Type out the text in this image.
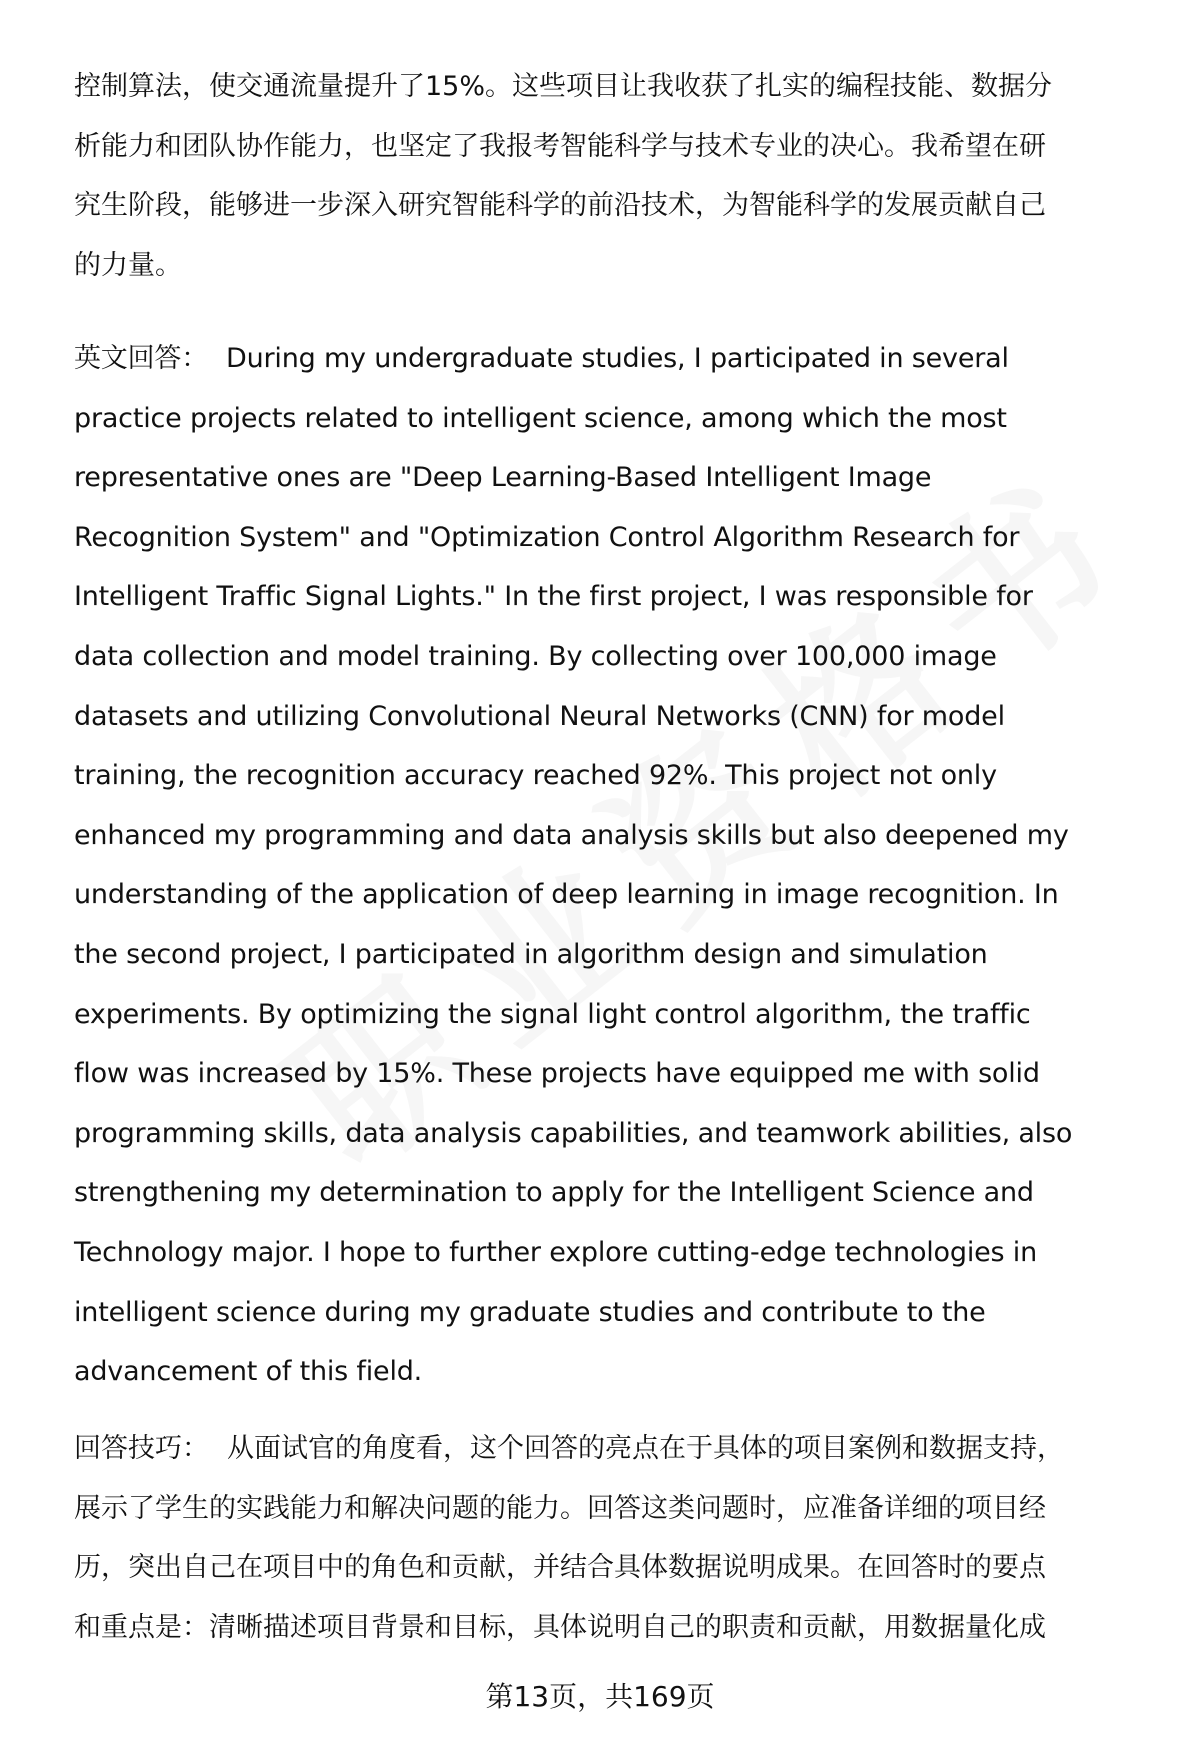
控制算法，使交通流量提升了15%。这些项目让我收获了扎实的编程技能、数据分
析能力和团队协作能力，也坚定了我报考智能科学与技术专业的决心。我希望在研
究生阶段，能够进一步深入研究智能科学的前沿技术，为智能科学的发展贡献自己
的力量。
英文回答： During my undergraduate studies, I participated in several
practice projects related to intelligent science, among which the most
representative ones are "Deep Learning-Based Intelligent Image
Recognition System" and "Optimization Control Algorithm Research for
Intelligent Traffic Signal Lights." In the first project, I was responsible for
data collection and model training. By collecting over 100,000 image
datasets and utilizing Convolutional Neural Networks (CNN) for model
training, the recognition accuracy reached 92%. This project not only
enhanced my programming and data analysis skills but also deepened my
understanding of the application of deep learning in image recognition. In
the second project, I participated in algorithm design and simulation
experiments. By optimizing the signal light control algorithm, the traffic
flow was increased by 15%. These projects have equipped me with solid
programming skills, data analysis capabilities, and teamwork abilities, also
strengthening my determination to apply for the Intelligent Science and
Technology major. I hope to further explore cutting-edge technologies in
intelligent science during my graduate studies and contribute to the
advancement of this field.
回答技巧： 从面试官的角度看，这个回答的亮点在于具体的项目案例和数据支持，
展示了学生的实践能力和解决问题的能力。回答这类问题时，应准备详细的项目经
历，突出自己在项目中的角色和贡献，并结合具体数据说明成果。在回答时的要点
和重点是：清晰描述项目背景和目标，具体说明自己的职责和贡献，用数据量化成
第13页，共169页
